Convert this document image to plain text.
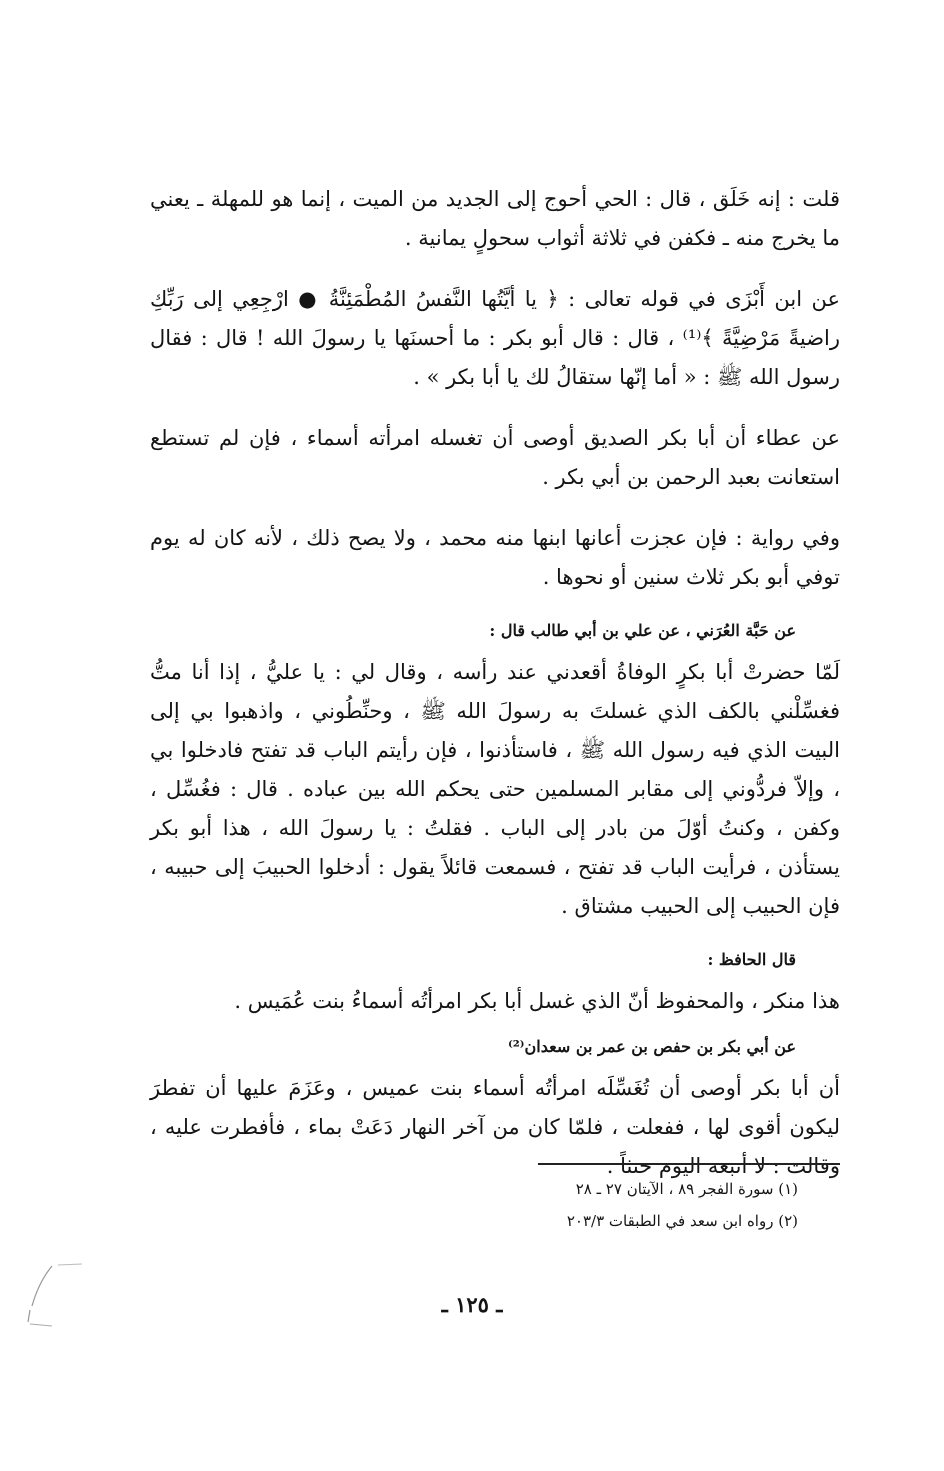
قلت : إنه خَلَق ، قال : الحي أحوج إلى الجديد من الميت ، إنما هو للمهلة ـ يعني ما يخرج منه ـ فكفن في ثلاثة أثواب سحولٍ يمانية .

عن ابن أَبْزَى في قوله تعالى : ﴿ يا أيَّتُها النَّفسُ المُطْمَئِنَّةُ ● ارْجِعِي إلى رَبِّكِ راضيةً مَرْضِيَّةً ﴾⁽¹⁾ ، قال : قال أبو بكر : ما أحسنَها يا رسولَ الله ! قال : فقال رسول الله ﷺ : « أما إنّها ستقالُ لك يا أبا بكر » .

عن عطاء أن أبا بكر الصديق أوصى أن تغسله امرأته أسماء ، فإن لم تستطع استعانت بعبد الرحمن بن أبي بكر .

وفي رواية : فإن عجزت أعانها ابنها منه محمد ، ولا يصح ذلك ، لأنه كان له يوم توفي أبو بكر ثلاث سنين أو نحوها .

عن حَبَّة العُرَني ، عن علي بن أبي طالب قال :

لَمّا حضرتْ أبا بكرٍ الوفاةُ أقعدني عند رأسه ، وقال لي : يا عليُّ ، إذا أنا متُّ فغسِّلْني بالكف الذي غسلتَ به رسولَ الله ﷺ ، وحنِّطُوني ، واذهبوا بي إلى البيت الذي فيه رسول الله ﷺ ، فاستأذنوا ، فإن رأيتم الباب قد تفتح فادخلوا بي ، وإلاّ فردُّوني إلى مقابر المسلمين حتى يحكم الله بين عباده . قال : فغُسِّل ، وكفن ، وكنتُ أوّلَ من بادر إلى الباب . فقلتُ : يا رسولَ الله ، هذا أبو بكر يستأذن ، فرأيت الباب قد تفتح ، فسمعت قائلاً يقول : أدخلوا الحبيبَ إلى حبيبه ، فإن الحبيب إلى الحبيب مشتاق .

قال الحافظ :

هذا منكر ، والمحفوظ أنّ الذي غسل أبا بكر امرأتُه أسماءُ بنت عُمَيس .

عن أبي بكر بن حفص بن عمر بن سعدان⁽²⁾

أن أبا بكر أوصى أن تُغَسِّلَه امرأتُه أسماء بنت عميس ، وعَزَمَ عليها أن تفطرَ ليكون أقوى لها ، ففعلت ، فلمّا كان من آخر النهار دَعَتْ بماء ، فأفطرت عليه ، وقالت : لا أتبعه اليوم حنثاً .

(١) سورة الفجر ٨٩ ، الآيتان ٢٧ ـ ٢٨
(٢) رواه ابن سعد في الطبقات ٢٠٣/٣
ـ ١٢٥ ـ
